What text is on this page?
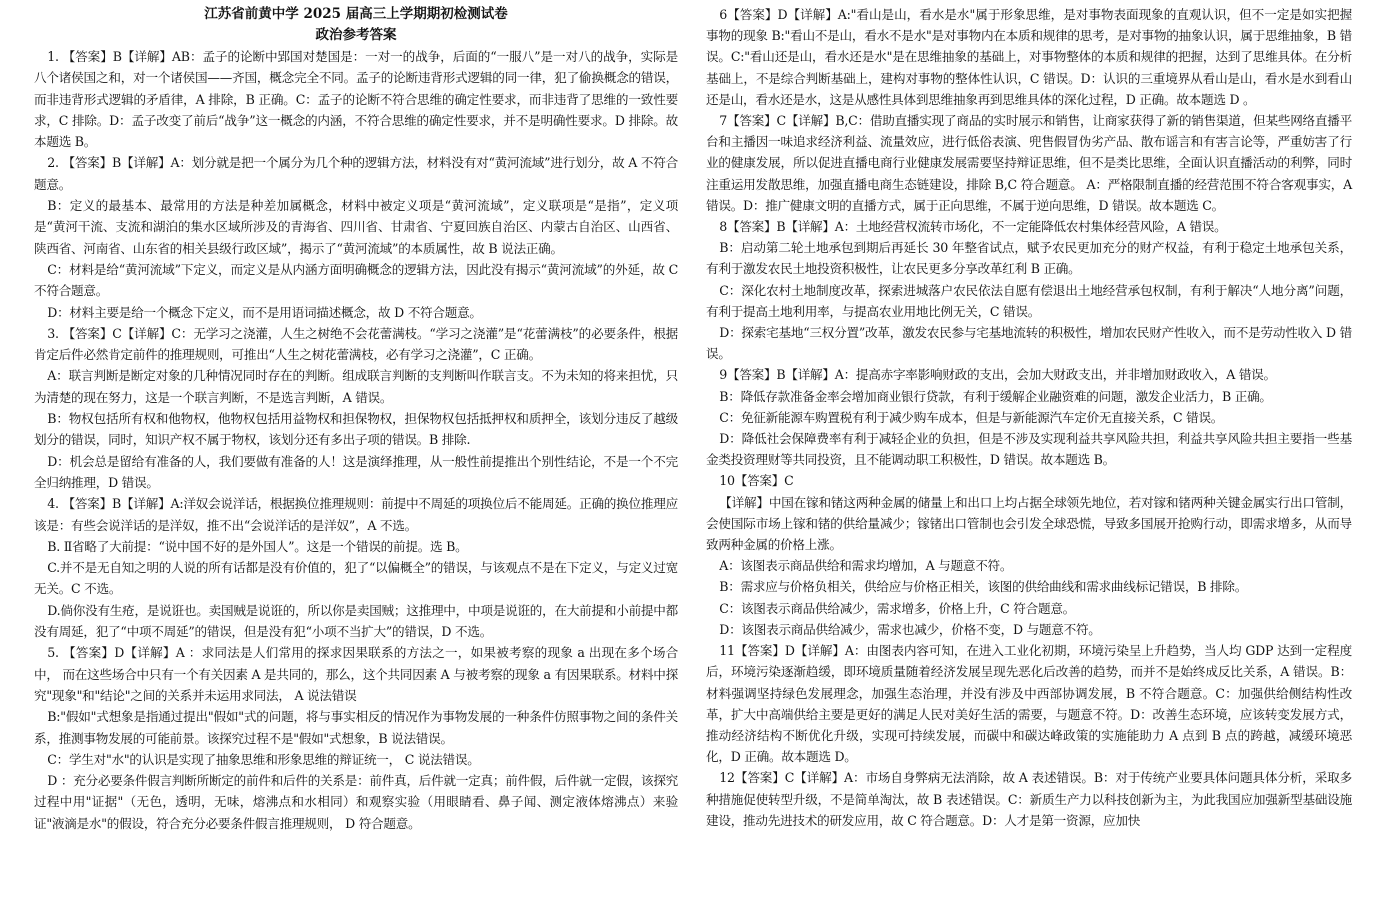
江苏省前黄中学 2025 届高三上学期期初检测试卷
政治参考答案

1. 【答案】B【详解】AB：孟子的论断中郢国对楚国是：一对一的战争，后面的“一服八”是一对八的战争，实际是八个诸侯国之和，对一个诸侯国——齐国，概念完全不同。孟子的论断违背形式逻辑的同一律，犯了偷换概念的错误，而非违背形式逻辑的矛盾律，A 排除，B 正确。C：孟子的论断不符合思维的确定性要求，而非违背了思维的一致性要求，C 排除。D：孟子改变了前后“战争”这一概念的内涵，不符合思维的确定性要求，并不是明确性要求。D 排除。故本题选 B。

2. 【答案】B【详解】A：划分就是把一个属分为几个种的逻辑方法，材料没有对“黄河流域”进行划分，故 A 不符合题意。

B：定义的最基本、最常用的方法是种差加属概念，材料中被定义项是“黄河流域”，定义联项是“是指”，定义项是“黄河干流、支流和湖泊的集水区域所涉及的青海省、四川省、甘肃省、宁夏回族自治区、内蒙古自治区、山西省、陕西省、河南省、山东省的相关县级行政区域”，揭示了“黄河流域”的本质属性，故 B 说法正确。

C：材料是给“黄河流域”下定义，而定义是从内涵方面明确概念的逻辑方法，因此没有揭示“黄河流域”的外延，故 C 不符合题意。

D：材料主要是给一个概念下定义，而不是用语词描述概念，故 D 不符合题意。

3. 【答案】C【详解】C：无学习之浇灌，人生之树绝不会花蕾满枝。“学习之浇灌”是“花蕾满枝”的必要条件，根据肯定后件必然肯定前件的推理规则，可推出“人生之树花蕾满枝，必有学习之浇灌”，C 正确。

A：联言判断是断定对象的几种情况同时存在的判断。组成联言判断的支判断叫作联言支。不为未知的将来担忧，只为清楚的现在努力，这是一个联言判断，不是选言判断，A 错误。

B：物权包括所有权和他物权，他物权包括用益物权和担保物权，担保物权包括抵押权和质押全，该划分违反了越级划分的错误，同时，知识产权不属于物权，该划分还有多出子项的错误。B 排除.

D：机会总是留给有准备的人，我们要做有准备的人！这是演绎推理，从一般性前提推出个别性结论，不是一个不完全归纳推理，D 错误。

4. 【答案】B【详解】A:洋奴会说洋话，根据换位推理规则：前提中不周延的项换位后不能周延。正确的换位推理应该是：有些会说洋话的是洋奴，推不出“会说洋话的是洋奴”，A 不选。

B. Ⅱ省略了大前提：“说中国不好的是外国人”。这是一个错误的前提。选 B。

C.并不是无自知之明的人说的所有话都是没有价值的，犯了“以偏概全”的错误，与该观点不是在下定义，与定义过宽无关。C 不选。

D.倘你没有生疮，是说诳也。卖国贼是说诳的，所以你是卖国贼；这推理中，中项是说诳的，在大前提和小前提中都没有周延，犯了“中项不周延”的错误，但是没有犯“小项不当扩大”的错误，D 不选。

5. 【答案】D【详解】A ：求同法是人们常用的探求因果联系的方法之一，如果被考察的现象 a 出现在多个场合中， 而在这些场合中只有一个有关因素 A 是共同的，那么，这个共同因素 A 与被考察的现象 a 有因果联系。材料中探究"现象"和"结论"之间的关系并未运用求同法， A 说法错误

B:"假如"式想象是指通过提出"假如"式的问题，将与事实相反的情况作为事物发展的一种条件仿照事物之间的条件关系，推测事物发展的可能前景。该探究过程不是"假如"式想象，B 说法错误。

C：学生对"水"的认识是实现了抽象思维和形象思维的辩证统一， C 说法错误。

D ：充分必要条件假言判断所断定的前件和后件的关系是：前件真，后件就一定真；前件假，后件就一定假，该探究过程中用"证据"（无色，透明，无味，熔沸点和水相同）和观察实验（用眼睛看、鼻子闻、测定液体熔沸点）来验证"液滴是水"的假设，符合充分必要条件假言推理规则， D 符合题意。

6【答案】D【详解】A:"看山是山，看水是水"属于形象思维，是对事物表面现象的直观认识，但不一定是如实把握事物的现象 B:"看山不是山，看水不是水"是对事物内在本质和规律的思考，是对事物的抽象认识，属于思维抽象，B 错误。C:"看山还是山，看水还是水"是在思维抽象的基础上，对事物整体的本质和规律的把握，达到了思维具体。在分析基础上，不是综合判断基础上，建构对事物的整体性认识，C 错误。D：认识的三重境界从看山是山，看水是水到看山还是山，看水还是水，这是从感性具体到思维抽象再到思维具体的深化过程，D 正确。故本题选 D 。

7【答案】C【详解】B,C：借助直播实现了商品的实时展示和销售，让商家获得了新的销售渠道，但某些网络直播平台和主播因一味追求经济利益、流量效应，进行低俗表演、兜售假冒伪劣产品、散布谣言和有害言论等，严重妨害了行业的健康发展，所以促进直播电商行业健康发展需要坚持辩证思维，但不是类比思维，全面认识直播活动的利弊，同时注重运用发散思维，加强直播电商生态链建设，排除 B,C 符合题意。 A：严格限制直播的经营范围不符合客观事实，A 错误。D：推广健康文明的直播方式，属于正向思维，不属于逆向思维，D 错误。故本题选 C。

8【答案】B【详解】A：土地经营权流转市场化，不一定能降低农村集体经营风险，A 错误。

B：启动第二轮土地承包到期后再延长 30 年整省试点，赋予农民更加充分的财产权益，有利于稳定土地承包关系，有利于激发农民土地投资积极性，让农民更多分享改革红利 B 正确。

C：深化农村土地制度改革，探索进城落户农民依法自愿有偿退出土地经营承包权制，有利于解决“人地分离”问题，有利于提高土地利用率，与提高农业用地比例无关，C 错误。

D：探索宅基地“三权分置”改革，激发农民参与宅基地流转的积极性，增加农民财产性收入，而不是劳动性收入 D 错误。

9【答案】B【详解】A：提高赤字率影响财政的支出，会加大财政支出，并非增加财政收入，A 错误。

B：降低存款准备金率会增加商业银行贷款，有利于缓解企业融资难的问题，激发企业活力，B 正确。

C：免征新能源车购置税有利于减少购车成本，但是与新能源汽车定价无直接关系，C 错误。

D：降低社会保障费率有利于减轻企业的负担，但是不涉及实现利益共享风险共担，利益共享风险共担主要指一些基金类投资理财等共同投资，且不能调动职工积极性，D 错误。故本题选 B。

10【答案】C

【详解】中国在镓和锗这两种金属的储量上和出口上均占据全球领先地位，若对镓和锗两种关键金属实行出口管制，会使国际市场上镓和锗的供给量减少；镓锗出口管制也会引发全球恐慌，导致多国展开抢购行动，即需求增多，从而导致两种金属的价格上涨。

A：该图表示商品供给和需求均增加，A 与题意不符。

B：需求应与价格负相关，供给应与价格正相关，该图的供给曲线和需求曲线标记错误，B 排除。

C：该图表示商品供给减少，需求增多，价格上升，C 符合题意。

D：该图表示商品供给减少，需求也减少，价格不变，D 与题意不符。

11【答案】D【详解】A：由图表内容可知，在进入工业化初期，环境污染呈上升趋势，当人均 GDP 达到一定程度后，环境污染逐渐趋缓，即环境质量随着经济发展呈现先恶化后改善的趋势，而并不是始终成反比关系，A 错误。B：材料强调坚持绿色发展理念，加强生态治理，并没有涉及中西部协调发展，B 不符合题意。C：加强供给侧结构性改革，扩大中高端供给主要是更好的满足人民对美好生活的需要，与题意不符。D：改善生态环境，应该转变发展方式，推动经济结构不断优化升级，实现可持续发展，而碳中和碳达峰政策的实施能助力 A 点到 B 点的跨越，减缓环境恶化，D 正确。故本题选 D。

12【答案】C【详解】A：市场自身弊病无法消除，故 A 表述错误。B：对于传统产业要具体问题具体分析，采取多种措施促使转型升级，不是简单淘汰，故 B 表述错误。C：新质生产力以科技创新为主，为此我国应加强新型基础设施建设，推动先进技术的研发应用，故 C 符合题意。D：人才是第一资源，应加快
